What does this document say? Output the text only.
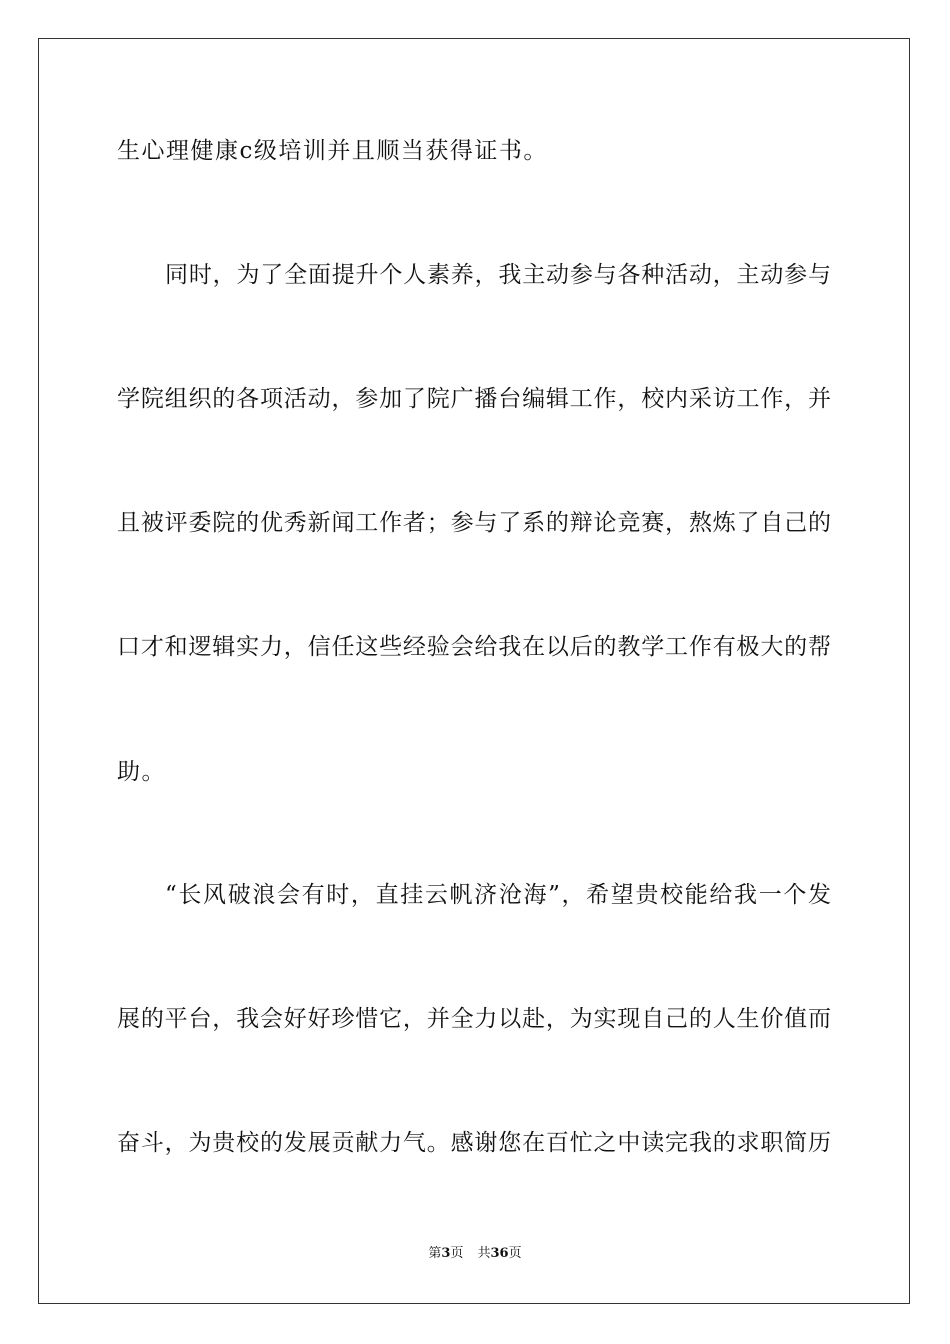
生心理健康c级培训并且顺当获得证书。
同时，为了全面提升个人素养，我主动参与各种活动，主动参与
学院组织的各项活动，参加了院广播台编辑工作，校内采访工作，并
且被评委院的优秀新闻工作者；参与了系的辩论竞赛，熬炼了自己的
口才和逻辑实力，信任这些经验会给我在以后的教学工作有极大的帮
助。
“长风破浪会有时，直挂云帆济沧海”，希望贵校能给我一个发
展的平台，我会好好珍惜它，并全力以赴，为实现自己的人生价值而
奋斗，为贵校的发展贡献力气。感谢您在百忙之中读完我的求职简历
第3页 共36页
